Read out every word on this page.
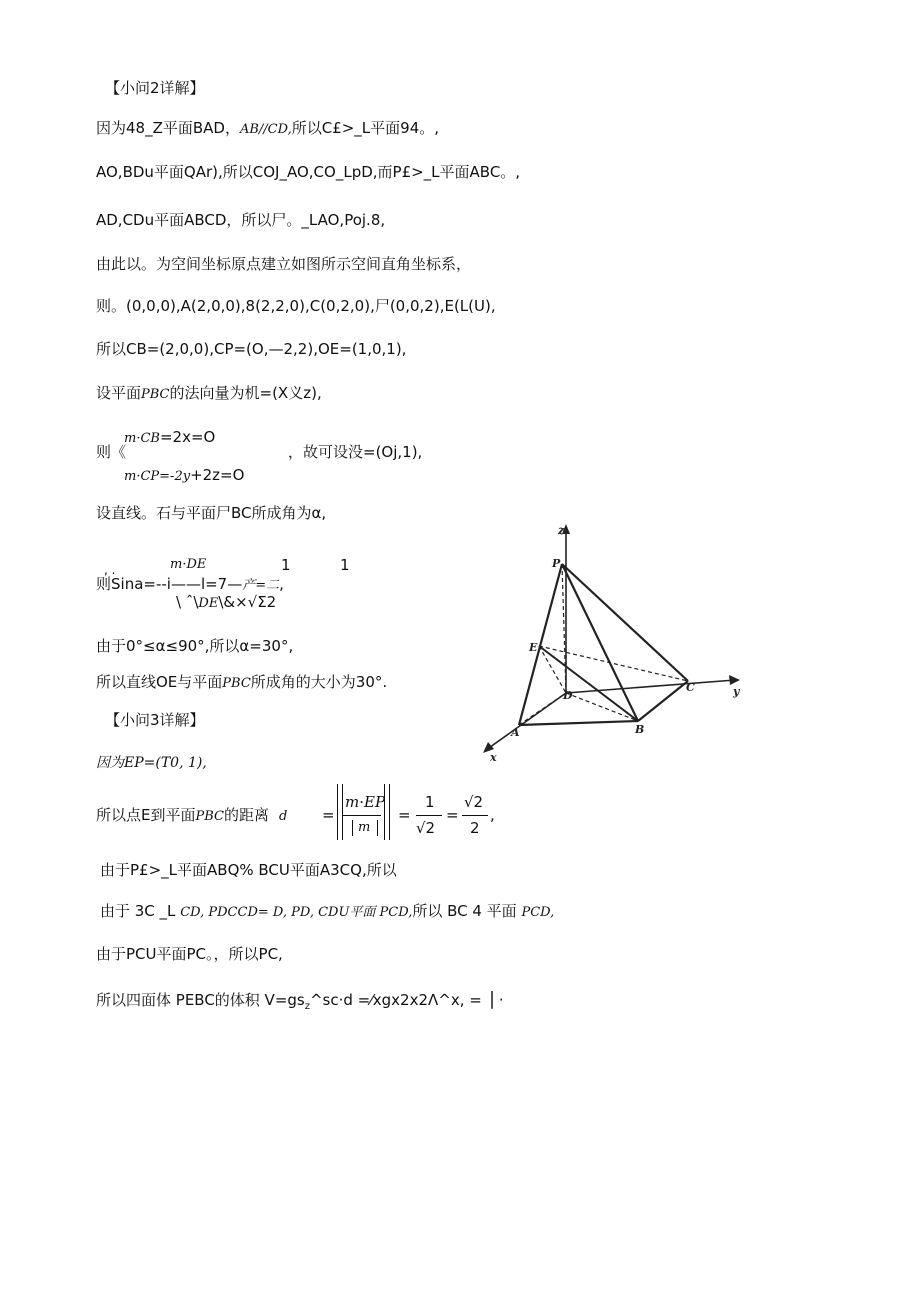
【小问2详解】
因为48_Z平面BAD，AB//CD,所以C£>_L平面94。,
AO,BDu平面QAr),所以COJ_AO,CO_LpD,而P£>_L平面ABC。,
AD,CDu平面ABCD，所以尸。_LAO,Poj.8,
由此以。为空间坐标原点建立如图所示空间直角坐标系，
则。(0,0,0),A(2,0,0),8(2,2,0),C(0,2,0),尸(0,0,2),E(L(U),
所以CB=(2,0,0),CP=(O,—2,2),OE=(1,0,1),
设平面PBC的法向量为机=(X义z),
m·CB=2x=O
则《
m·CP=-2y+2z=O
，故可设没=(Oj,1),
设直线。石与平面尸BC所成角为α,
m·DE	1	1
, .
则Sina=--i——l=7—产=二,
\ ˆ\DE\&×√Σ2
由于0°≤α≤90°,所以α=30°,
所以直线OE与平面PBC所成角的大小为30°.
【小问3详解】
因为EP=(T0, 1),
所以点E到平面PBC的距离 d =
m·EP
m
=
1
√2
=
√2
2
,
由于P£>_L平面ABQ% BCU平面A3CQ,所以
由于 3C _L CD, PDCCD= D, PD, CDU平面 PCD,所以 BC 4 平面 PCD,
由于PCU平面PC。，所以PC,
所以四面体 PEBC的体积 $V=gs_z\^{}sc\cdot d$ =⁄xgx2x2Λ^x, = ⎥ ·
z
y
x
P
E
D
C
A	B
